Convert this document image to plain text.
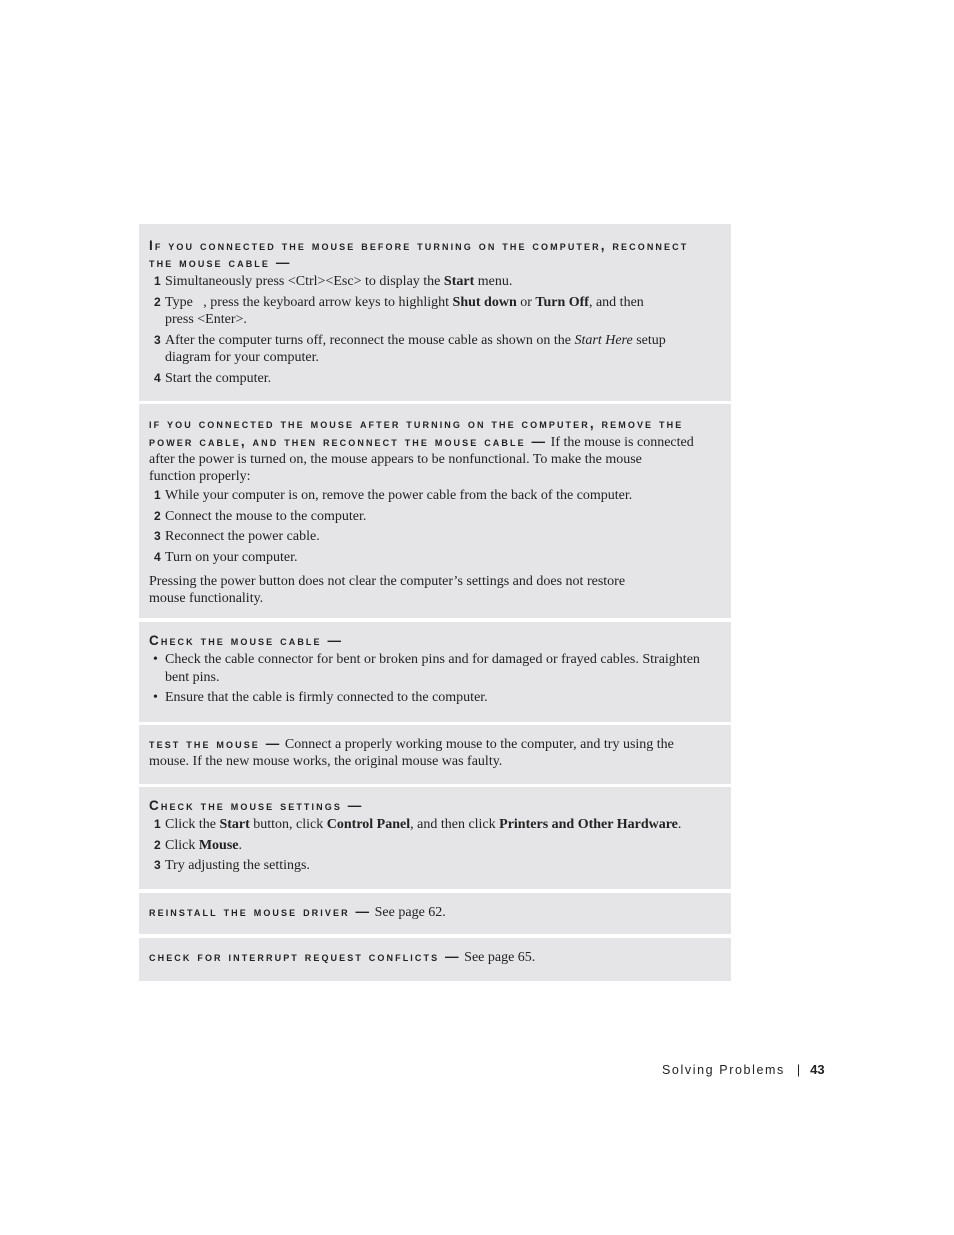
If you connected the mouse before turning on the computer, reconnect
the mouse cable —
1 Simultaneously press <Ctrl><Esc> to display the Start menu.
2 Type   , press the keyboard arrow keys to highlight Shut down or Turn Off, and then
press <Enter>.
3 After the computer turns off, reconnect the mouse cable as shown on the Start Here setup
diagram for your computer.
4 Start the computer.
if you connected the mouse after turning on the computer, remove the
power cable, and then reconnect the mouse cable — If the mouse is connected
after the power is turned on, the mouse appears to be nonfunctional. To make the mouse
function properly:
1 While your computer is on, remove the power cable from the back of the computer.
2 Connect the mouse to the computer.
3 Reconnect the power cable.
4 Turn on your computer.
Pressing the power button does not clear the computer’s settings and does not restore
mouse functionality.
Check the mouse cable —
• Check the cable connector for bent or broken pins and for damaged or frayed cables. Straighten
bent pins.
• Ensure that the cable is firmly connected to the computer.
test the mouse — Connect a properly working mouse to the computer, and try using the
mouse. If the new mouse works, the original mouse was faulty.
Check the mouse settings —
1 Click the Start button, click Control Panel, and then click Printers and Other Hardware.
2 Click Mouse.
3 Try adjusting the settings.
reinstall the mouse driver — See page 62.
check for interrupt request conflicts — See page 65.
Solving Problems | 43
